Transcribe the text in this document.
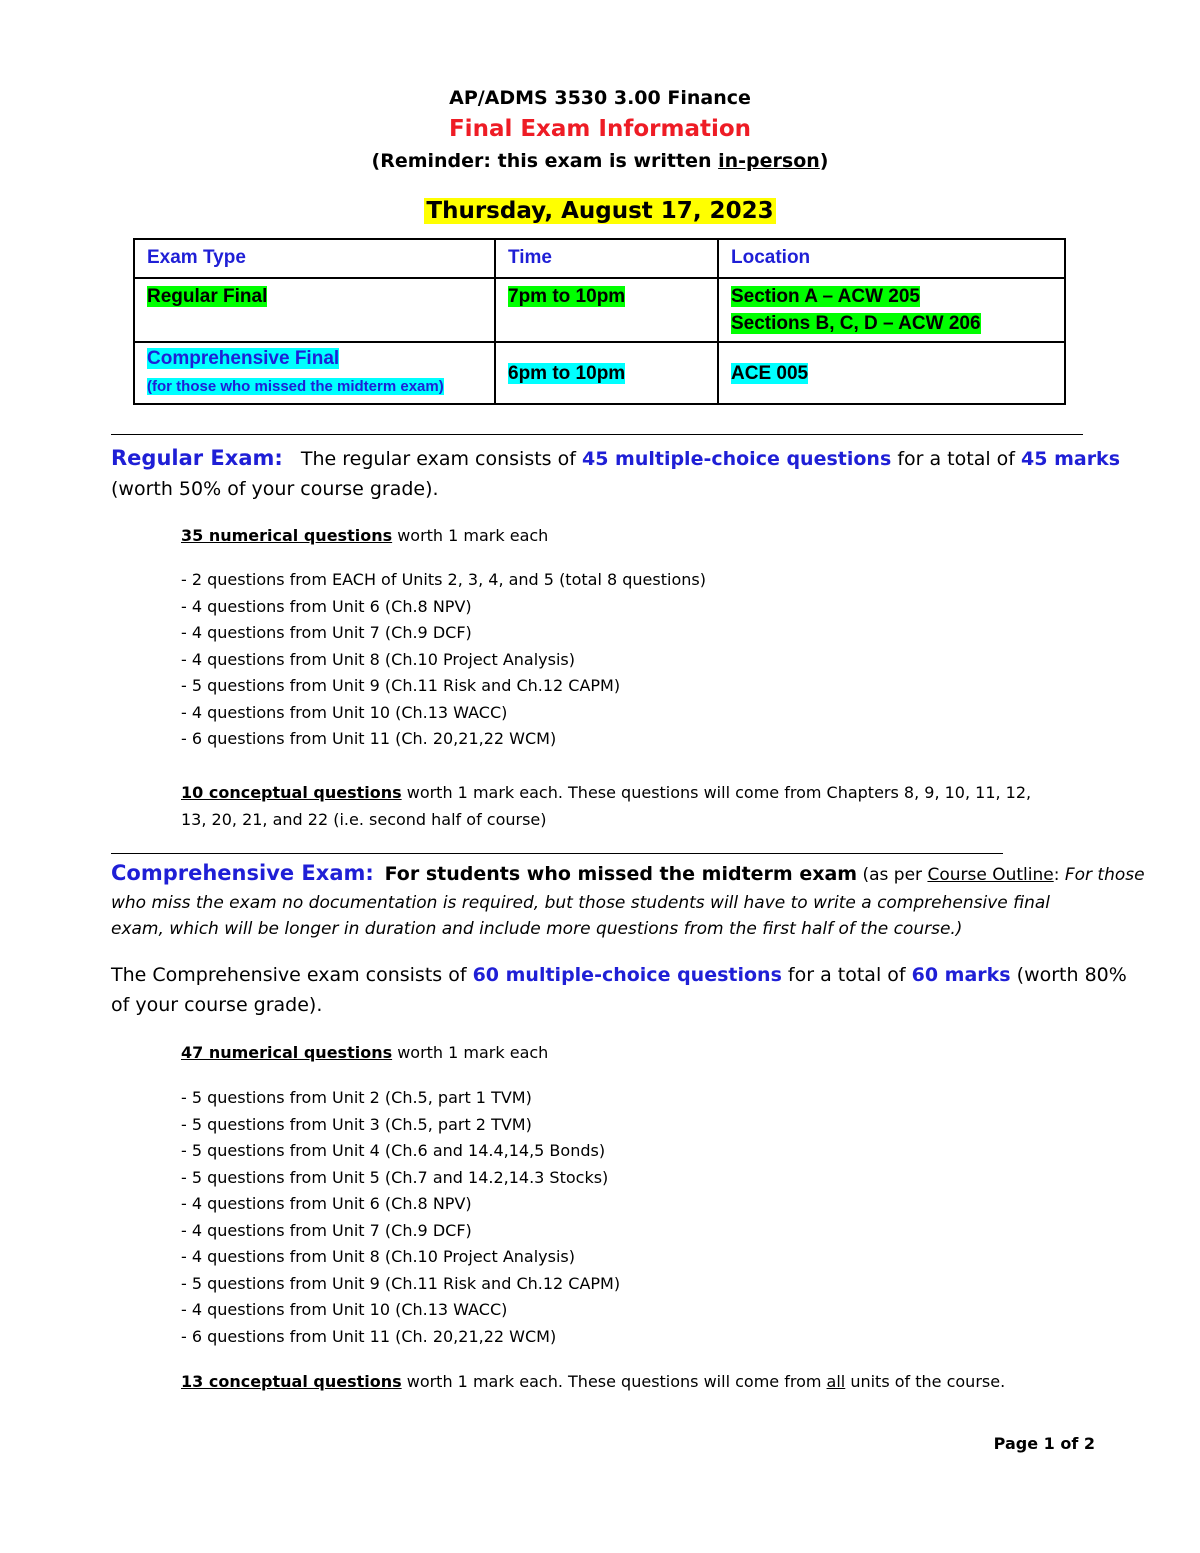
AP/ADMS 3530 3.00 Finance
Final Exam Information
(Reminder: this exam is written in-person)
Thursday, August 17, 2023
Exam Type	Time	Location
Regular Final	7pm to 10pm	Section A – ACW 205
Sections B, C, D – ACW 206
Comprehensive Final
(for those who missed the midterm exam)	6pm to 10pm	ACE 005
Regular Exam: The regular exam consists of 45 multiple-choice questions for a total of 45 marks
(worth 50% of your course grade).
35 numerical questions worth 1 mark each
- 2 questions from EACH of Units 2, 3, 4, and 5 (total 8 questions)
- 4 questions from Unit 6 (Ch.8 NPV)
- 4 questions from Unit 7 (Ch.9 DCF)
- 4 questions from Unit 8 (Ch.10 Project Analysis)
- 5 questions from Unit 9 (Ch.11 Risk and Ch.12 CAPM)
- 4 questions from Unit 10 (Ch.13 WACC)
- 6 questions from Unit 11 (Ch. 20,21,22 WCM)
10 conceptual questions worth 1 mark each. These questions will come from Chapters 8, 9, 10, 11, 12,
13, 20, 21, and 22 (i.e. second half of course)
Comprehensive Exam: For students who missed the midterm exam (as per Course Outline: For those
who miss the exam no documentation is required, but those students will have to write a comprehensive final
exam, which will be longer in duration and include more questions from the first half of the course.)
The Comprehensive exam consists of 60 multiple-choice questions for a total of 60 marks (worth 80%
of your course grade).
47 numerical questions worth 1 mark each
- 5 questions from Unit 2 (Ch.5, part 1 TVM)
- 5 questions from Unit 3 (Ch.5, part 2 TVM)
- 5 questions from Unit 4 (Ch.6 and 14.4,14,5 Bonds)
- 5 questions from Unit 5 (Ch.7 and 14.2,14.3 Stocks)
- 4 questions from Unit 6 (Ch.8 NPV)
- 4 questions from Unit 7 (Ch.9 DCF)
- 4 questions from Unit 8 (Ch.10 Project Analysis)
- 5 questions from Unit 9 (Ch.11 Risk and Ch.12 CAPM)
- 4 questions from Unit 10 (Ch.13 WACC)
- 6 questions from Unit 11 (Ch. 20,21,22 WCM)
13 conceptual questions worth 1 mark each. These questions will come from all units of the course.
Page 1 of 2
